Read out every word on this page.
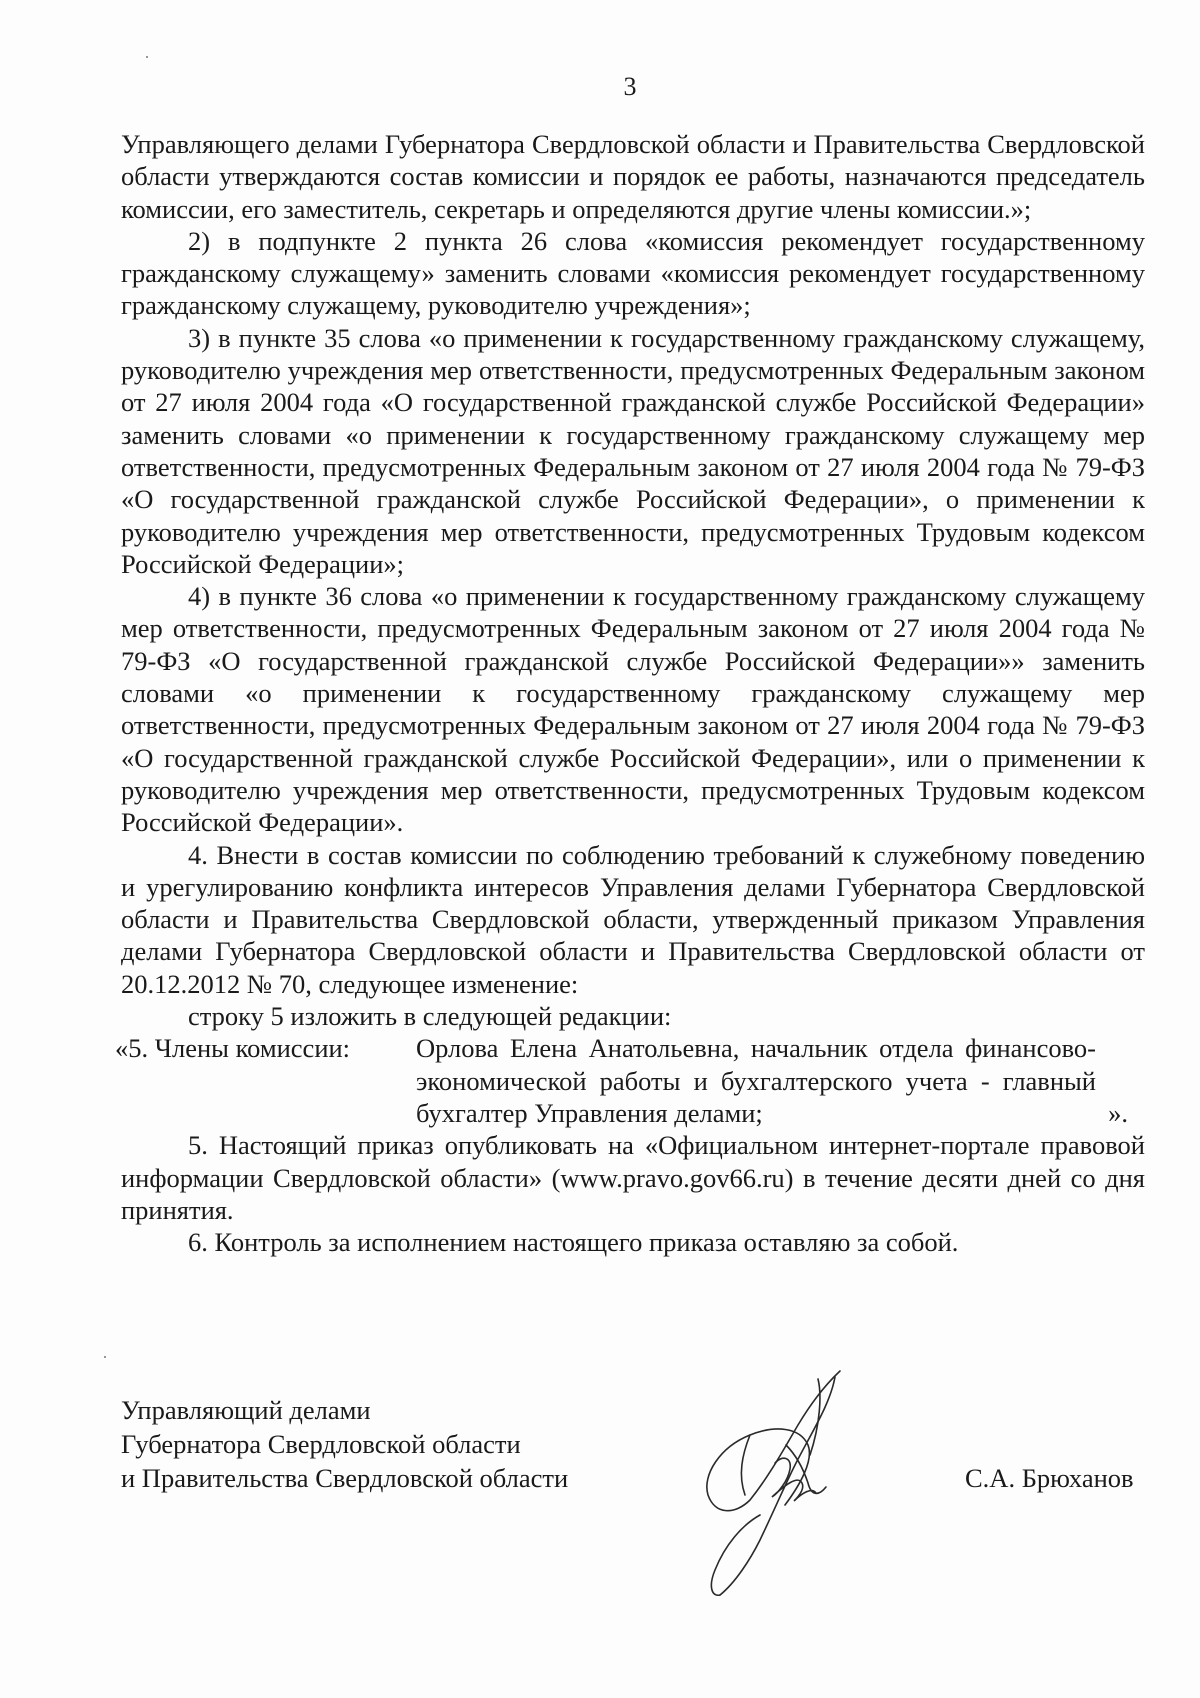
3

Управляющего делами Губернатора Свердловской области и Правительства Свердловской области утверждаются состав комиссии и порядок ее работы, назначаются председатель комиссии, его заместитель, секретарь и определяются другие члены комиссии.»;

2) в подпункте 2 пункта 26 слова «комиссия рекомендует государственному гражданскому служащему» заменить словами «комиссия рекомендует государственному гражданскому служащему, руководителю учреждения»;

3) в пункте 35 слова «о применении к государственному гражданскому служащему, руководителю учреждения мер ответственности, предусмотренных Федеральным законом от 27 июля 2004 года «О государственной гражданской службе Российской Федерации» заменить словами «о применении к государственному гражданскому служащему мер ответственности, предусмотренных Федеральным законом от 27 июля 2004 года № 79-ФЗ «О государственной гражданской службе Российской Федерации», о применении к руководителю учреждения мер ответственности, предусмотренных Трудовым кодексом Российской Федерации»;

4) в пункте 36 слова «о применении к государственному гражданскому служащему мер ответственности, предусмотренных Федеральным законом от 27 июля 2004 года № 79-ФЗ «О государственной гражданской службе Российской Федерации»» заменить словами «о применении к государственному гражданскому служащему мер ответственности, предусмотренных Федеральным законом от 27 июля 2004 года № 79-ФЗ «О государственной гражданской службе Российской Федерации», или о применении к руководителю учреждения мер ответственности, предусмотренных Трудовым кодексом Российской Федерации».

4. Внести в состав комиссии по соблюдению требований к служебному поведению и урегулированию конфликта интересов Управления делами Губернатора Свердловской области и Правительства Свердловской области, утвержденный приказом Управления делами Губернатора Свердловской области и Правительства Свердловской области от 20.12.2012 № 70, следующее изменение:

строку 5 изложить в следующей редакции:

«5. Члены комиссии:	Орлова Елена Анатольевна, начальник отдела финансово-экономической работы и бухгалтерского учета - главный бухгалтер Управления делами;	».

5. Настоящий приказ опубликовать на «Официальном интернет-портале правовой информации Свердловской области» (www.pravo.gov66.ru) в течение десяти дней со дня принятия.

6. Контроль за исполнением настоящего приказа оставляю за собой.

Управляющий делами
Губернатора Свердловской области
и Правительства Свердловской области	С.А. Брюханов
